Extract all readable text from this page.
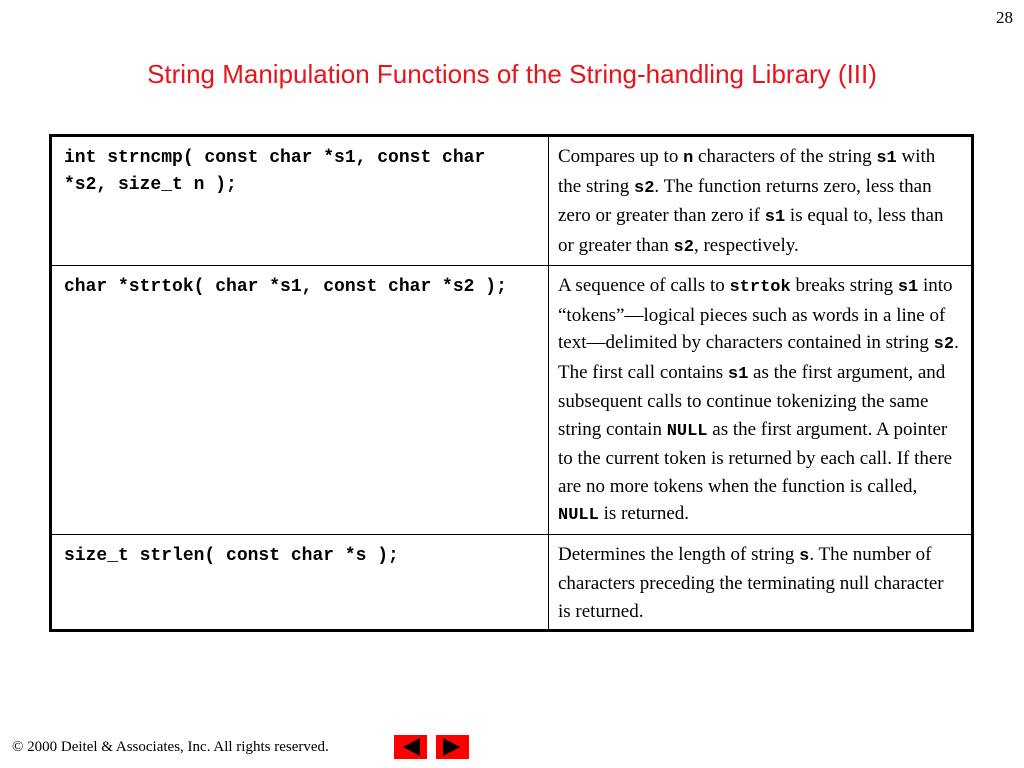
28
String Manipulation Functions of the String-handling Library (III)
int strncmp( const char *s1, const char *s2, size_t n );	Compares up to n characters of the string s1 with the string s2. The function returns zero, less than zero or greater than zero if s1 is equal to, less than or greater than s2, respectively.

char *strtok( char *s1, const char *s2 );	A sequence of calls to strtok breaks string s1 into “tokens”—logical pieces such as words in a line of text—delimited by characters contained in string s2. The first call contains s1 as the first argument, and subsequent calls to continue tokenizing the same string contain NULL as the first argument. A pointer to the current token is returned by each call. If there are no more tokens when the function is called, NULL is returned.

size_t strlen( const char *s );	Determines the length of string s. The number of characters preceding the terminating null character is returned.
© 2000 Deitel & Associates, Inc. All rights reserved.
